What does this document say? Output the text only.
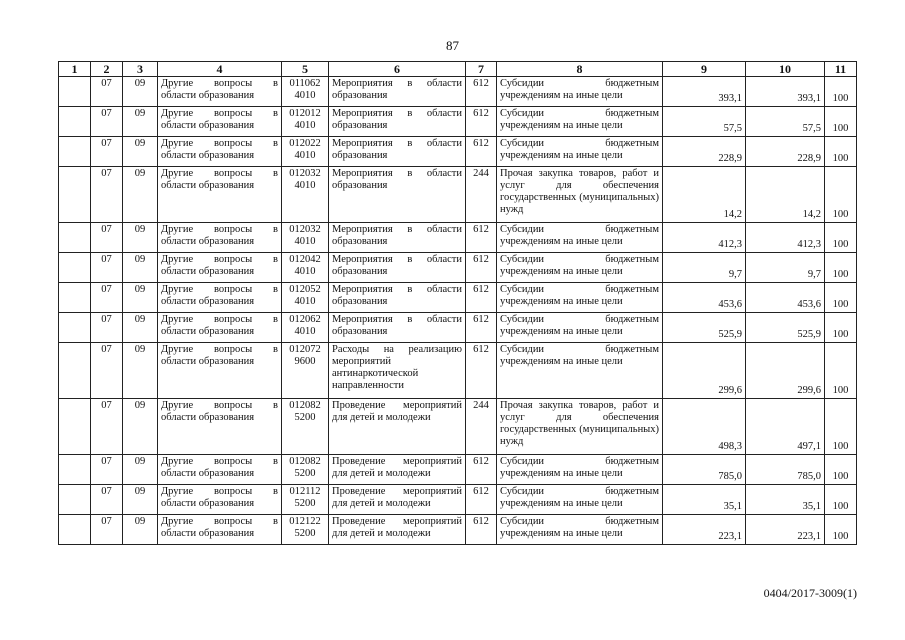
87
1	2	3	4	5	6	7	8	9	10	11
	07	09	Другие вопросы в области образования	011062 4010	Мероприятия в области образования	612	Субсидии бюджетным учреждениям на иные цели	393,1	393,1	100
	07	09	Другие вопросы в области образования	012012 4010	Мероприятия в области образования	612	Субсидии бюджетным учреждениям на иные цели	57,5	57,5	100
	07	09	Другие вопросы в области образования	012022 4010	Мероприятия в области образования	612	Субсидии бюджетным учреждениям на иные цели	228,9	228,9	100
	07	09	Другие вопросы в области образования	012032 4010	Мероприятия в области образования	244	Прочая закупка товаров, работ и услуг для обеспечения государственных (муниципальных) нужд	14,2	14,2	100
	07	09	Другие вопросы в области образования	012032 4010	Мероприятия в области образования	612	Субсидии бюджетным учреждениям на иные цели	412,3	412,3	100
	07	09	Другие вопросы в области образования	012042 4010	Мероприятия в области образования	612	Субсидии бюджетным учреждениям на иные цели	9,7	9,7	100
	07	09	Другие вопросы в области образования	012052 4010	Мероприятия в области образования	612	Субсидии бюджетным учреждениям на иные цели	453,6	453,6	100
	07	09	Другие вопросы в области образования	012062 4010	Мероприятия в области образования	612	Субсидии бюджетным учреждениям на иные цели	525,9	525,9	100
	07	09	Другие вопросы в области образования	012072 9600	Расходы на реализацию мероприятий антинаркотической направленности	612	Субсидии бюджетным учреждениям на иные цели	299,6	299,6	100
	07	09	Другие вопросы в области образования	012082 5200	Проведение мероприятий для детей и молодежи	244	Прочая закупка товаров, работ и услуг для обеспечения государственных (муниципальных) нужд	498,3	497,1	100
	07	09	Другие вопросы в области образования	012082 5200	Проведение мероприятий для детей и молодежи	612	Субсидии бюджетным учреждениям на иные цели	785,0	785,0	100
	07	09	Другие вопросы в области образования	012112 5200	Проведение мероприятий для детей и молодежи	612	Субсидии бюджетным учреждениям на иные цели	35,1	35,1	100
	07	09	Другие вопросы в области образования	012122 5200	Проведение мероприятий для детей и молодежи	612	Субсидии бюджетным учреждениям на иные цели	223,1	223,1	100
0404/2017-3009(1)
